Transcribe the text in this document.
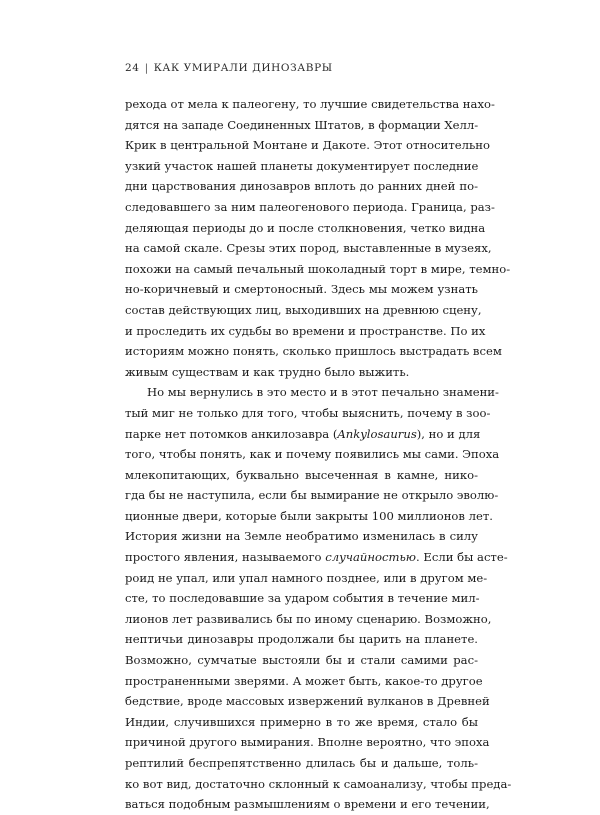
24 | КАК УМИРАЛИ ДИНОЗАВРЫ
рехода от мела к палеогену, то лучшие свидетельства нахо-
дятся на западе Соединенных Штатов, в формации Хелл-
Крик в центральной Монтане и Дакоте. Этот относительно
узкий участок нашей планеты документирует последние
дни царствования динозавров вплоть до ранних дней по-
следовавшего за ним палеогенового периода. Граница, раз-
деляющая периоды до и после столкновения, четко видна
на самой скале. Срезы этих пород, выставленные в музеях,
похожи на самый печальный шоколадный торт в мире, темно-
но-коричневый и смертоносный. Здесь мы можем узнать
состав действующих лиц, выходивших на древнюю сцену,
и проследить их судьбы во времени и пространстве. По их
историям можно понять, сколько пришлось выстрадать всем
живым существам и как трудно было выжить.
Но мы вернулись в это место и в этот печально знамени-
тый миг не только для того, чтобы выяснить, почему в зоо-
парке нет потомков анкилозавра (Ankylosaurus), но и для
того, чтобы понять, как и почему появились мы сами. Эпоха
млекопитающих, буквально высеченная в камне, нико-
гда бы не наступила, если бы вымирание не открыло эволю-
ционные двери, которые были закрыты 100 миллионов лет.
История жизни на Земле необратимо изменилась в силу
простого явления, называемого случайностью. Если бы асте-
роид не упал, или упал намного позднее, или в другом ме-
сте, то последовавшие за ударом события в течение мил-
лионов лет развивались бы по иному сценарию. Возможно,
нептичьи динозавры продолжали бы царить на планете.
Возможно, сумчатые выстояли бы и стали самими рас-
пространенными зверями. А может быть, какое-то другое
бедствие, вроде массовых извержений вулканов в Древней
Индии, случившихся примерно в то же время, стало бы
причиной другого вымирания. Вполне вероятно, что эпоха
рептилий беспрепятственно длилась бы и дальше, толь-
ко вот вид, достаточно склонный к самоанализу, чтобы преда-
ваться подобным размышлениям о времени и его течении,
